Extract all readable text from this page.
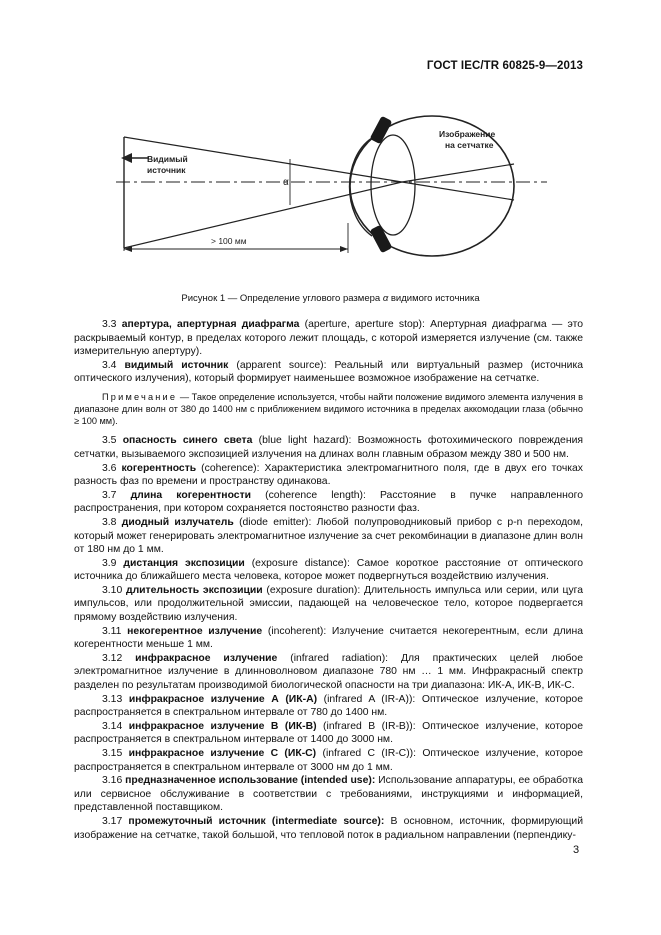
ГОСТ IEC/TR 60825-9—2013
α
> 100 мм
Видимый
источник
Изображение
на сетчатке
Рисунок 1 — Определение углового размера α видимого источника

3.3 апертура, апертурная диафрагма (aperture, aperture stop): Апертурная диафрагма — это раскрываемый контур, в пределах которого лежит площадь, с которой измеряется излучение (см. также измерительную апертуру).

3.4 видимый источник (apparent source): Реальный или виртуальный размер (источника оптического излучения), который формирует наименьшее возможное изображение на сетчатке.

Примечание — Такое определение используется, чтобы найти положение видимого элемента излучения в диапазоне длин волн от 380 до 1400 нм с приближением видимого источника в пределах аккомодации глаза (обычно ≥ 100 мм).

3.5 опасность синего света (blue light hazard): Возможность фотохимического повреждения сетчатки, вызываемого экспозицией излучения на длинах волн главным образом между 380 и 500 нм.

3.6 когерентность (coherence): Характеристика электромагнитного поля, где в двух его точках разность фаз по времени и пространству одинакова.

3.7 длина когерентности (coherence length): Расстояние в пучке направленного распространения, при котором сохраняется постоянство разности фаз.

3.8 диодный излучатель (diode emitter): Любой полупроводниковый прибор с p-n переходом, который может генерировать электромагнитное излучение за счет рекомбинации в диапазоне длин волн от 180 нм до 1 мм.

3.9 дистанция экспозиции (exposure distance): Самое короткое расстояние от оптического источника до ближайшего места человека, которое может подвергнуться воздействию излучения.

3.10 длительность экспозиции (exposure duration): Длительность импульса или серии, или цуга импульсов, или продолжительной эмиссии, падающей на человеческое тело, которое подвергается прямому воздействию излучения.

3.11 некогерентное излучение (incoherent): Излучение считается некогерентным, если длина когерентности меньше 1 мм.

3.12 инфракрасное излучение (infrared radiation): Для практических целей любое электромагнитное излучение в длинноволновом диапазоне 780 нм … 1 мм. Инфракрасный спектр разделен по результатам производимой биологической опасности на три диапазона: ИК-А, ИК-В, ИК-С.

3.13 инфракрасное излучение А (ИК-А) (infrared A (IR-A)): Оптическое излучение, которое распространяется в спектральном интервале от 780 до 1400 нм.

3.14 инфракрасное излучение В (ИК-В) (infrared B (IR-B)): Оптическое излучение, которое распространяется в спектральном интервале от 1400 до 3000 нм.

3.15 инфракрасное излучение С (ИК-С) (infrared C (IR-C)): Оптическое излучение, которое распространяется в спектральном интервале от 3000 нм до 1 мм.

3.16 предназначенное использование (intended use): Использование аппаратуры, ее обработка или сервисное обслуживание в соответствии с требованиями, инструкциями и информацией, представленной поставщиком.

3.17 промежуточный источник (intermediate source): В основном, источник, формирующий изображение на сетчатке, такой большой, что тепловой поток в радиальном направлении (перпендику-

3
